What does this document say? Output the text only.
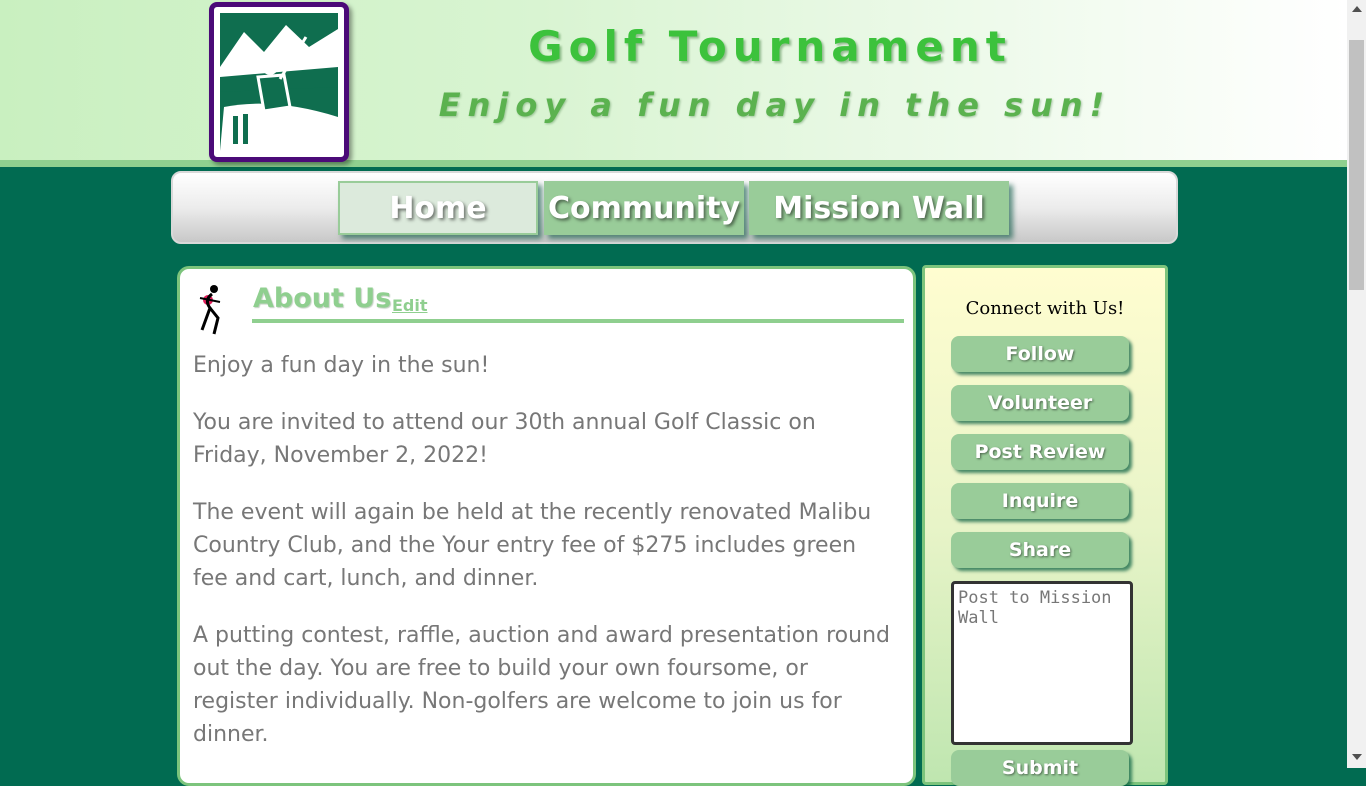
Golf Tournament
Enjoy a fun day in the sun!
Home	Community	Mission Wall
About Us Edit

Enjoy a fun day in the sun!

You are invited to attend our 30th annual Golf Classic on Friday, November 2, 2022!

The event will again be held at the recently renovated Malibu Country Club, and the Your entry fee of $275 includes green fee and cart, lunch, and dinner.

A putting contest, raffle, auction and award presentation round out the day. You are free to build your own foursome, or register individually. Non-golfers are welcome to join us for dinner.

Connect with Us!

Follow
Volunteer
Post Review
Inquire
Share
Post to Mission Wall
Submit
